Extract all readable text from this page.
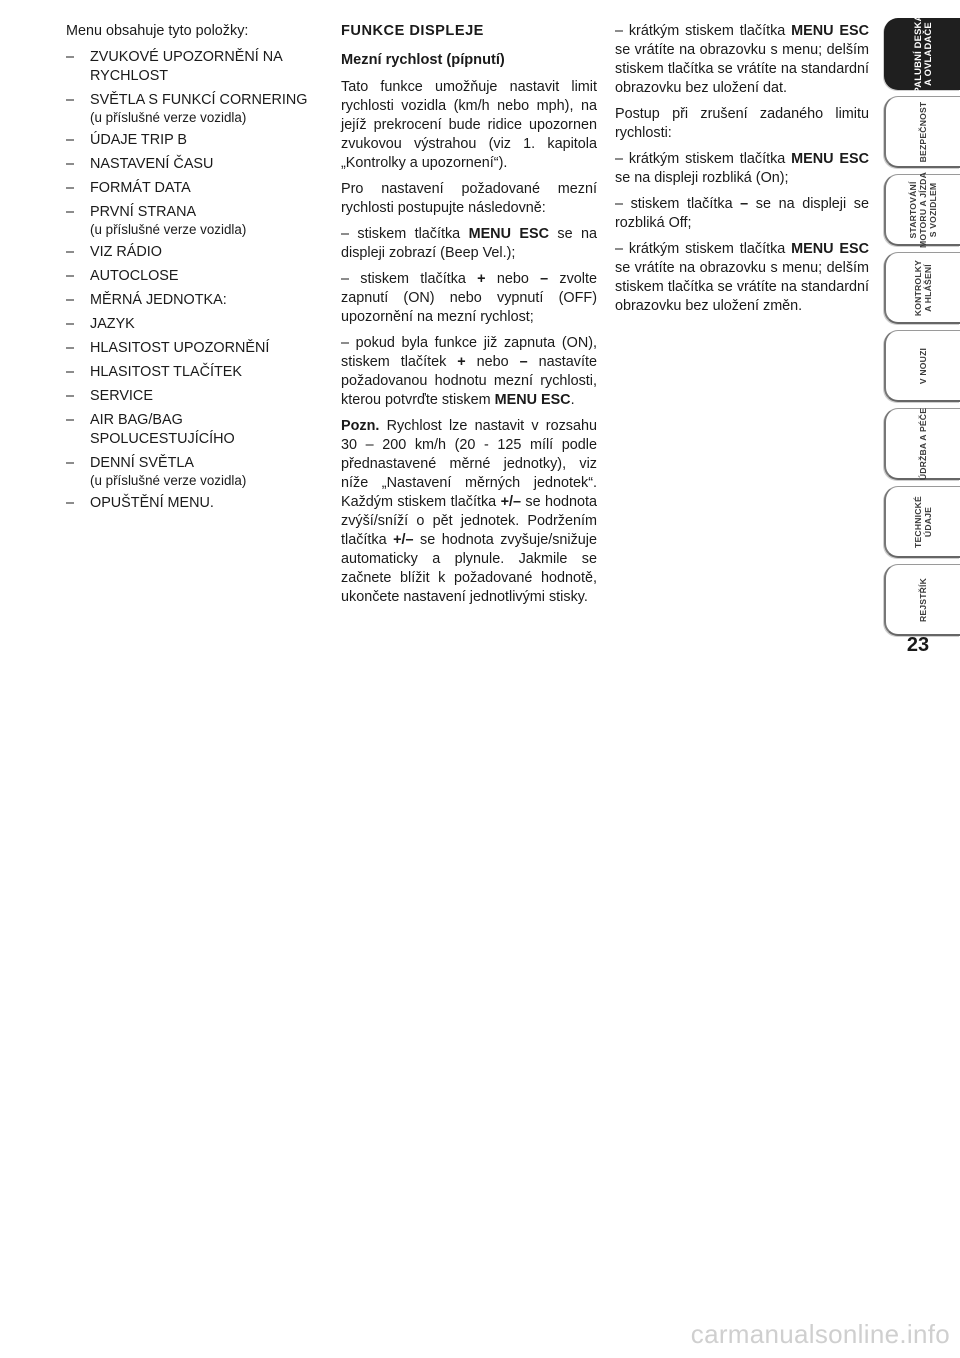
Menu obsahuje tyto položky:

–	ZVUKOVÉ UPOZORNĚNÍ NA RYCHLOST
–	SVĚTLA S FUNKCÍ CORNERING
(u příslušné verze vozidla)
–	ÚDAJE TRIP B
–	NASTAVENÍ ČASU
–	FORMÁT DATA
–	PRVNÍ STRANA
(u příslušné verze vozidla)
–	VIZ RÁDIO
–	AUTOCLOSE
–	MĚRNÁ JEDNOTKA:
–	JAZYK
–	HLASITOST UPOZORNĚNÍ
–	HLASITOST TLAČÍTEK
–	SERVICE
–	AIR BAG/BAG SPOLUCESTUJÍCÍHO
–	DENNÍ SVĚTLA
(u příslušné verze vozidla)
–	OPUŠTĚNÍ MENU.
FUNKCE DISPLEJE
Mezní rychlost (pípnutí)

Tato funkce umožňuje nastavit limit rychlosti vozidla (km/h nebo mph), na jejíž prekrocení bude ridice upozornen zvukovou výstrahou (viz 1. kapitola „Kontrolky a upozornení“).

Pro nastavení požadované mezní rychlosti postupujte následovně:

– stiskem tlačítka MENU ESC se na displeji zobrazí (Beep Vel.);

– stiskem tlačítka + nebo – zvolte zapnutí (ON) nebo vypnutí (OFF) upozornění na mezní rychlost;

– pokud byla funkce již zapnuta (ON), stiskem tlačítek + nebo – nastavíte požadovanou hodnotu mezní rychlosti, kterou potvrďte stiskem MENU ESC.

Pozn. Rychlost lze nastavit v rozsahu 30 – 200 km/h (20 - 125 mílí podle přednastavené měrné jednotky), viz níže „Nastavení měrných jednotek“. Každým stiskem tlačítka +/– se hodnota zvýší/sníží o pět jednotek. Podržením tlačítka +/– se hodnota zvyšuje/snižuje automaticky a plynule. Jakmile se začnete blížit k požadované hodnotě, ukončete nastavení jednotlivými stisky.

– krátkým stiskem tlačítka MENU ESC se vrátíte na obrazovku s menu; delším stiskem tlačítka se vrátíte na standardní obrazovku bez uložení dat.

Postup při zrušení zadaného limitu rychlosti:

– krátkým stiskem tlačítka MENU ESC se na displeji rozbliká (On);

– stiskem tlačítka – se na displeji se rozbliká Off;

– krátkým stiskem tlačítka MENU ESC se vrátíte na obrazovku s menu; delším stiskem tlačítka se vrátíte na standardní obrazovku bez uložení změn.

PALUBNÍ DESKA A OVLADAČE
BEZPEČNOST
STARTOVÁNÍ MOTORU A JÍZDA S VOZIDLEM
KONTROLKY A HLÁŠENÍ
V NOUZI
ÚDRŽBA A PÉČE
TECHNICKÉ ÚDAJE
REJSTŘÍK
23
carmanualsonline.info
